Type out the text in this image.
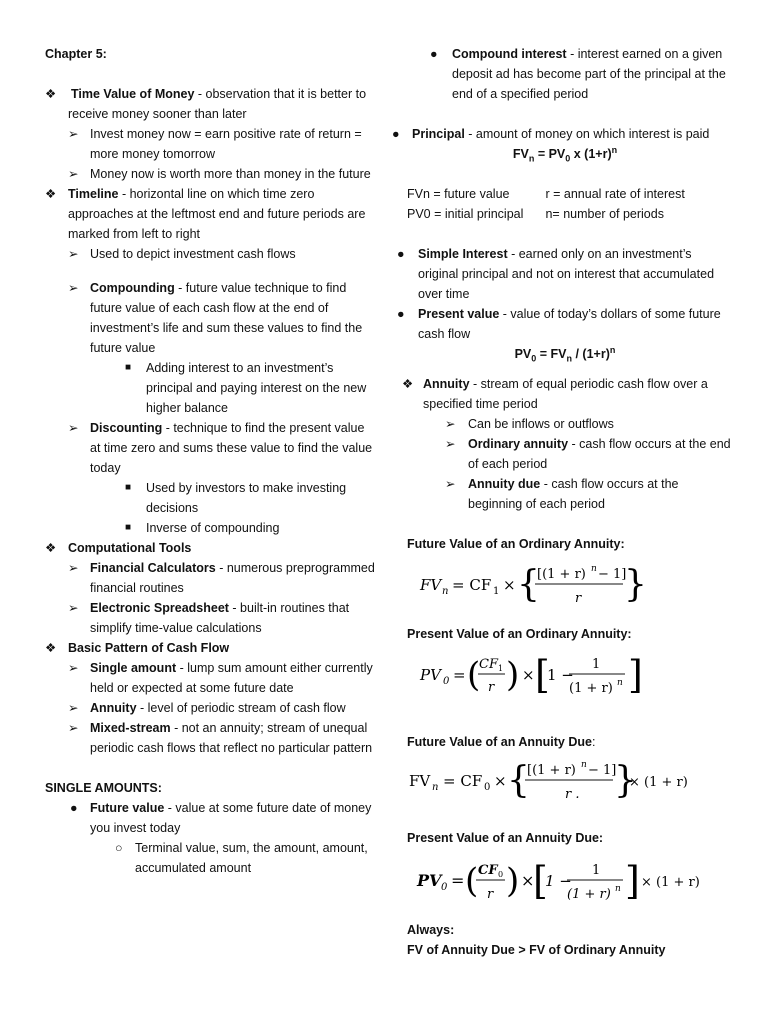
Chapter 5:
❖ Time Value of Money - observation that it is better to receive money sooner than later
➢ Invest money now = earn positive rate of return = more money tomorrow
➢ Money now is worth more than money in the future
❖ Timeline - horizontal line on which time zero approaches at the leftmost end and future periods are marked from left to right
➢ Used to depict investment cash flows
➢ Compounding - future value technique to find future value of each cash flow at the end of investment’s life and sum these values to find the future value
■ Adding interest to an investment’s principal and paying interest on the new higher balance
➢ Discounting - technique to find the present value at time zero and sums these value to find the value today
■ Used by investors to make investing decisions
■ Inverse of compounding
❖ Computational Tools
➢ Financial Calculators - numerous preprogrammed financial routines
➢ Electronic Spreadsheet - built-in routines that simplify time-value calculations
❖ Basic Pattern of Cash Flow
➢ Single amount - lump sum amount either currently held or expected at some future date
➢ Annuity - level of periodic stream of cash flow
➢ Mixed-stream - not an annuity; stream of unequal periodic cash flows that reflect no particular pattern
SINGLE AMOUNTS:
● Future value - value at some future date of money you invest today
○ Terminal value, sum, the amount, amount, accumulated amount
● Compound interest - interest earned on a given deposit ad has become part of the principal at the end of a specified period
● Principal - amount of money on which interest is paid
$FV_n = PV_0$ x $(1+r)^n$
FVn = future value	r = annual rate of interest
PV0 = initial principal n= number of periods
● Simple Interest - earned only on an investment’s original principal and not on interest that accumulated over time
● Present value - value of today’s dollars of some future cash flow
$PV_0 = FV_n / (1+r)^n$
❖ Annuity - stream of equal periodic cash flow over a specified time period
➢ Can be inflows or outflows
➢ Ordinary annuity - cash flow occurs at the end of each period
➢ Annuity due - cash flow occurs at the beginning of each period
Future Value of an Ordinary Annuity:
FV n = CF 1 × {
[(1 + r) n − 1]
r }
Present Value of an Ordinary Annuity:
PV 0 = (
CF 1
r ) × [
1 −
1
(1 + r) n ]
Future Value of an Annuity Due:
FV n = CF 0 × {
[(1 + r) n − 1]
r . }
× (1 + r)
Present Value of an Annuity Due:
PV 0 = ( CF 0
r ) ×
[
1 −
1
(1 + r) n ] × (1 + r)
Always:
FV of Annuity Due > FV of Ordinary Annuity
